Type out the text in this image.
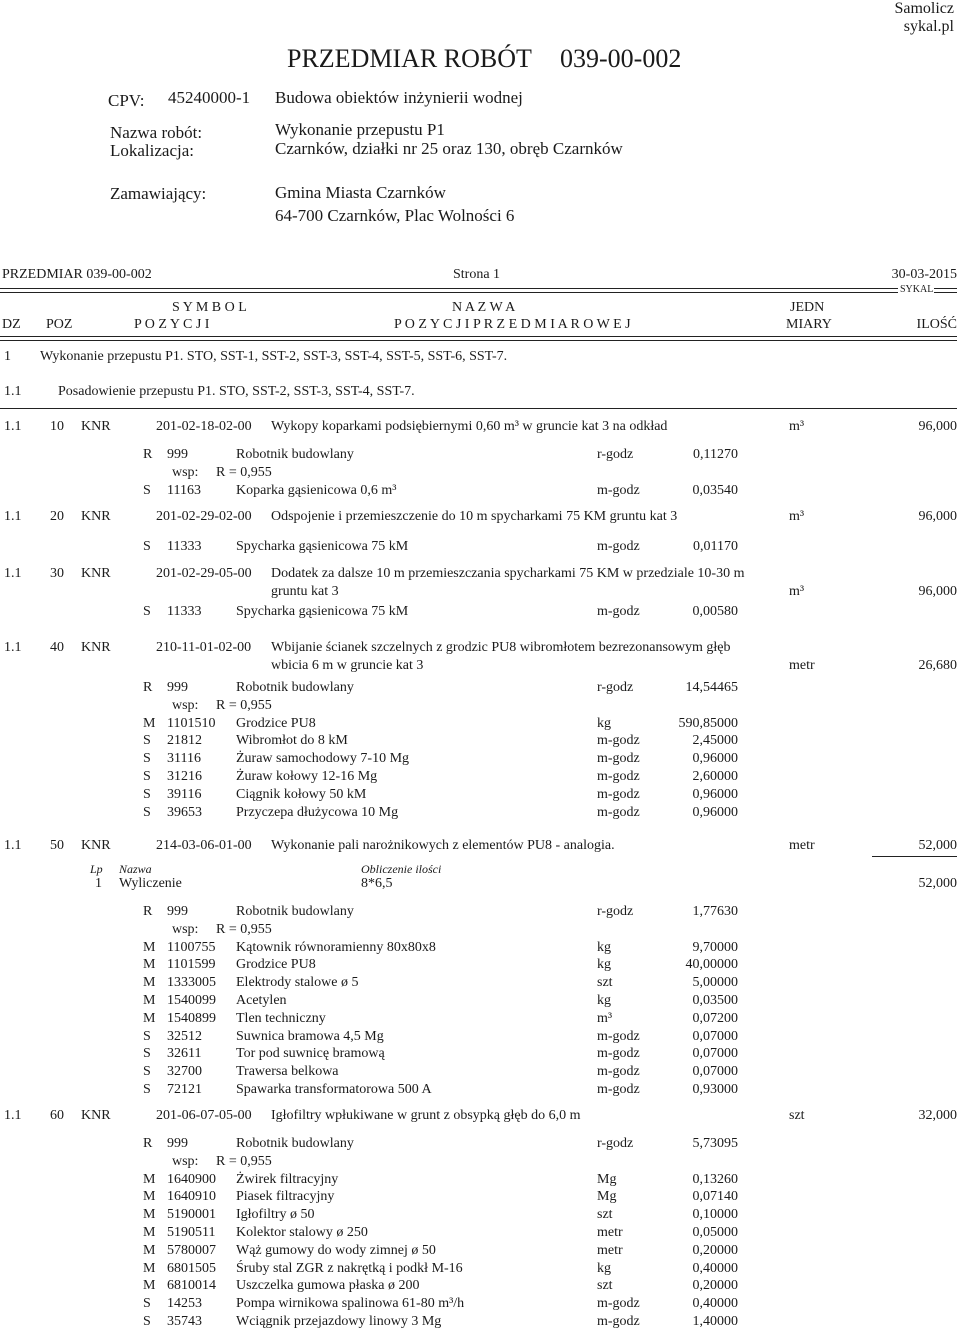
Samolicz
sykal.pl
PRZEDMIAR ROBÓT 039-00-002
CPV: 45240000-1 Budowa obiektów inżynierii wodnej
Nazwa robót:	Wykonanie przepustu P1
Lokalizacja:	Czarnków, działki nr 25 oraz 130, obręb Czarnków
Zamawiający:	Gmina Miasta Czarnków
64-700 Czarnków, Plac Wolności 6
PRZEDMIAR 039-00-002	Strona 1	30-03-2015
SYKAL
S Y M B O L	N A Z W A	JEDN
DZ POZ	P O Z Y C J I	P O Z Y C J I P R Z E D M I A R O W E J	MIARY	ILOŚĆ
1 Wykonanie przepustu P1. STO, SST-1, SST-2, SST-3, SST-4, SST-5, SST-6, SST-7.
1.1	Posadowienie przepustu P1. STO, SST-2, SST-3, SST-4, SST-7.
1.1 10 KNR	201-02-18-02-00 Wykopy koparkami podsiębiernymi 0,60 m³ w gruncie kat 3 na odkład	m³	96,000
R 999	Robotnik budowlany	r-godz	0,11270
wsp: R = 0,955
S 11163	Koparka gąsienicowa 0,6 m³	m-godz	0,03540
1.1 20 KNR	201-02-29-02-00 Odspojenie i przemieszczenie do 10 m spycharkami 75 KM gruntu kat 3	m³	96,000
S 11333 Spycharka gąsienicowa 75 kM	m-godz	0,01170
1.1 30 KNR	201-02-29-05-00 Dodatek za dalsze 10 m przemieszczania spycharkami 75 KM w przedziale 10-30 m
gruntu kat 3	m³	96,000
S 11333 Spycharka gąsienicowa 75 kM	m-godz	0,00580
1.1 40 KNR	210-11-01-02-00 Wbijanie ścianek szczelnych z grodzic PU8 wibromłotem bezrezonansowym głęb
wbicia 6 m w gruncie kat 3	metr	26,680
R 999	Robotnik budowlany	r-godz	14,54465
wsp: R = 0,955
M 1101510 Grodzice PU8	kg	590,85000
S 21812 Wibromłot do 8 kM	m-godz	2,45000
S 31116	Żuraw samochodowy 7-10 Mg	m-godz	0,96000
S 31216 Żuraw kołowy 12-16 Mg	m-godz	2,60000
S 39116 Ciągnik kołowy 50 kM	m-godz	0,96000
S 39653 Przyczepa dłużycowa 10 Mg	m-godz	0,96000
1.1 50 KNR	214-03-06-01-00 Wykonanie pali narożnikowych z elementów PU8 - analogia.	metr	52,000
Lp Nazwa	Obliczenie ilości
1 Wyliczenie	8*6,5	52,000
R 999	Robotnik budowlany	r-godz	1,77630
wsp: R = 0,955
M 1100755 Kątownik równoramienny 80x80x8	kg	9,70000
M 1101599 Grodzice PU8	kg	40,00000
M 1333005 Elektrody stalowe ø 5	szt	5,00000
M 1540099 Acetylen	kg	0,03500
M 1540899 Tlen techniczny	m³	0,07200
S 32512 Suwnica bramowa 4,5 Mg	m-godz	0,07000
S 32611 Tor pod suwnicę bramową	m-godz	0,07000
S 32700 Trawersa belkowa	m-godz	0,07000
S 72121 Spawarka transformatorowa 500 A	m-godz	0,93000
1.1 60 KNR	201-06-07-05-00 Igłofiltry wpłukiwane w grunt z obsypką głęb do 6,0 m	szt	32,000
R 999	Robotnik budowlany	r-godz	5,73095
wsp: R = 0,955
M 1640900 Żwirek filtracyjny	Mg	0,13260
M 1640910 Piasek filtracyjny	Mg	0,07140
M 5190001 Igłofiltry ø 50	szt	0,10000
M 5190511 Kolektor stalowy ø 250	metr	0,05000
M 5780007 Wąż gumowy do wody zimnej ø 50	metr	0,20000
M 6801505 Śruby stal ZGR z nakrętką i podkł M-16	kg	0,40000
M 6810014 Uszczelka gumowa płaska ø 200	szt	0,20000
S 14253 Pompa wirnikowa spalinowa 61-80 m³/h	m-godz	0,40000
S 35743 Wciągnik przejazdowy linowy 3 Mg	m-godz	1,40000
